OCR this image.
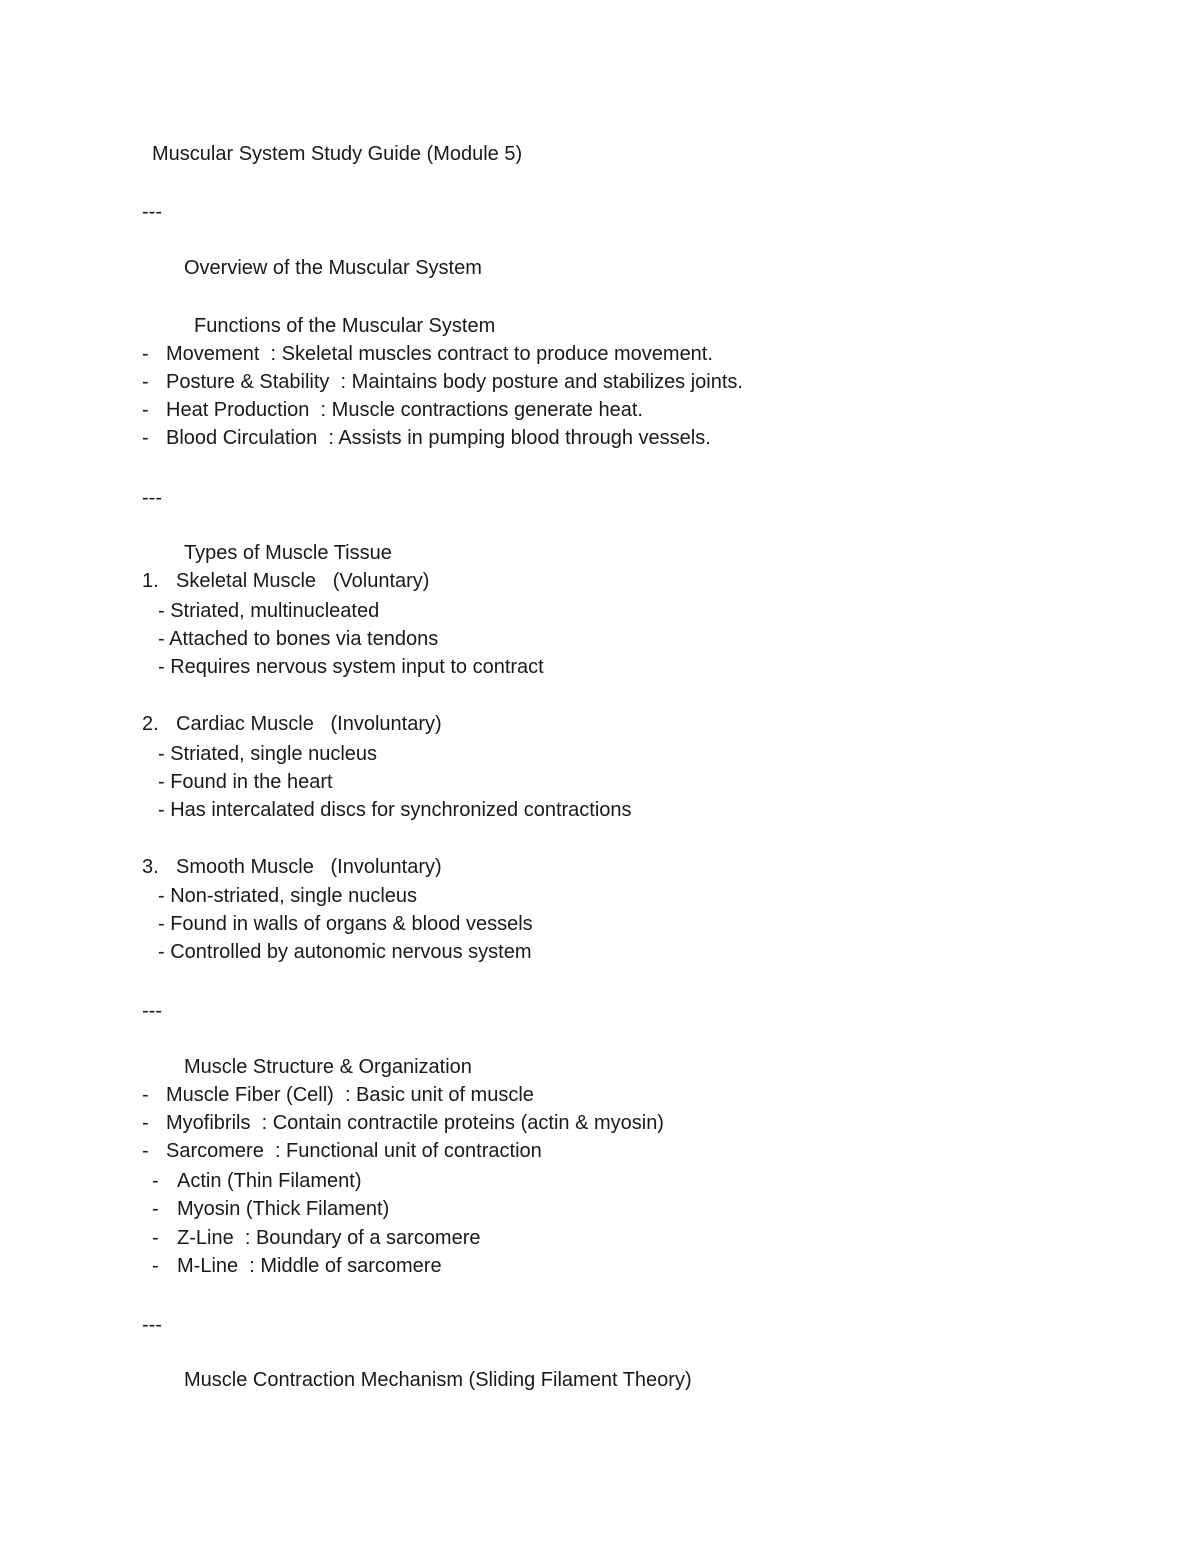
Muscular System Study Guide (Module 5)
---
Overview of the Muscular System
Functions of the Muscular System
- Movement : Skeletal muscles contract to produce movement.
- Posture & Stability : Maintains body posture and stabilizes joints.
- Heat Production : Muscle contractions generate heat.
- Blood Circulation : Assists in pumping blood through vessels.
---
Types of Muscle Tissue
1. Skeletal Muscle (Voluntary)
- Striated, multinucleated
- Attached to bones via tendons
- Requires nervous system input to contract
2. Cardiac Muscle (Involuntary)
- Striated, single nucleus
- Found in the heart
- Has intercalated discs for synchronized contractions
3. Smooth Muscle (Involuntary)
- Non-striated, single nucleus
- Found in walls of organs & blood vessels
- Controlled by autonomic nervous system
---
Muscle Structure & Organization
- Muscle Fiber (Cell) : Basic unit of muscle
- Myofibrils : Contain contractile proteins (actin & myosin)
- Sarcomere : Functional unit of contraction
- Actin (Thin Filament)
- Myosin (Thick Filament)
- Z-Line : Boundary of a sarcomere
- M-Line : Middle of sarcomere
---
Muscle Contraction Mechanism (Sliding Filament Theory)
